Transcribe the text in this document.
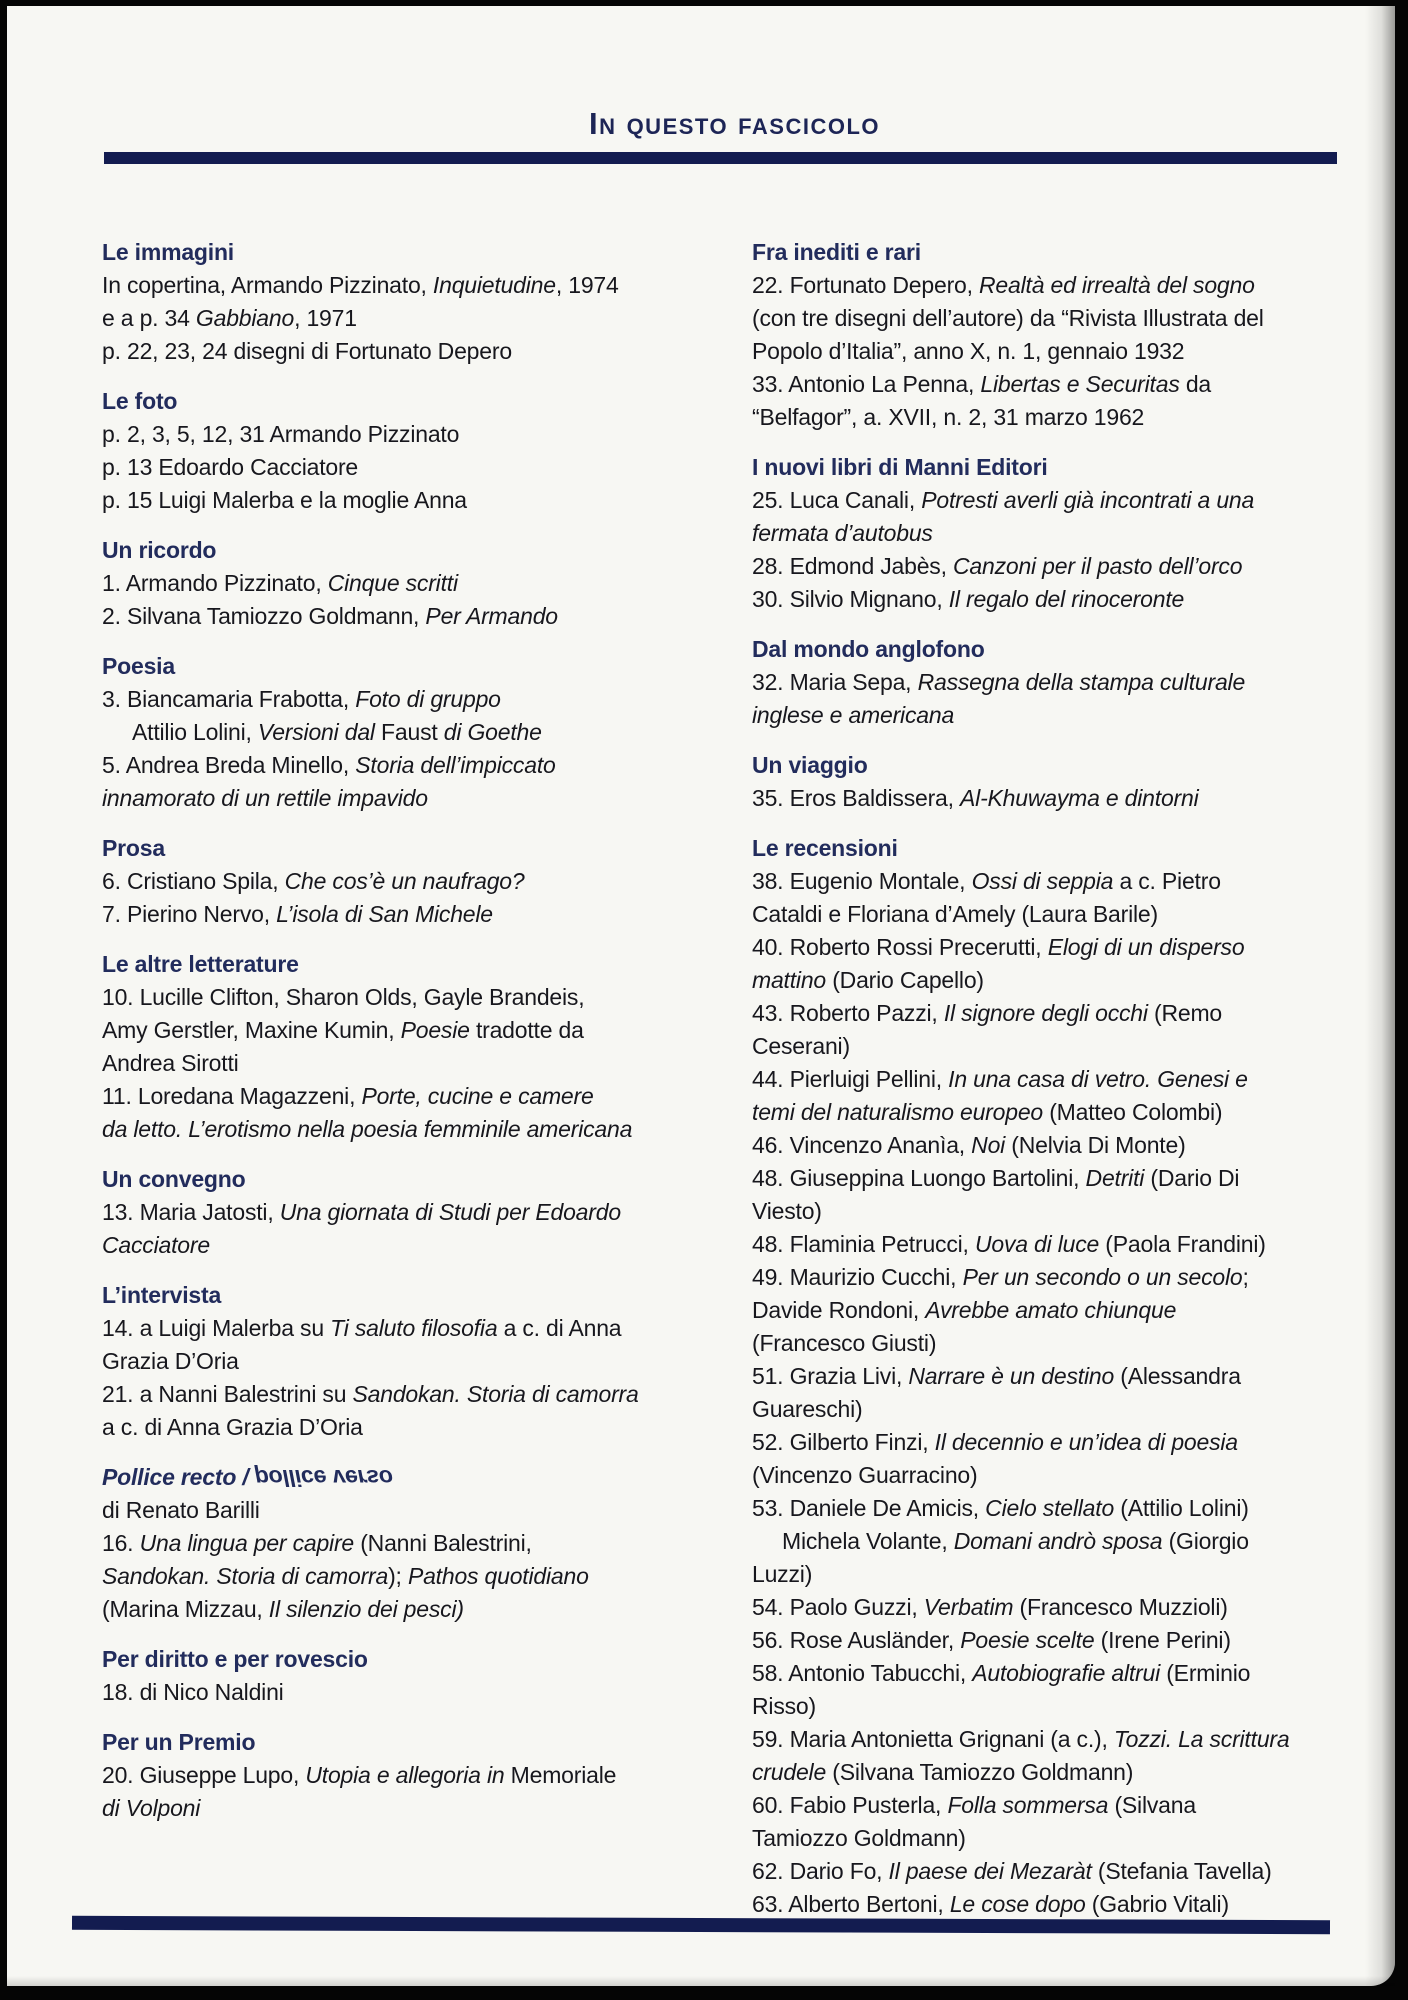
In questo fascicolo
Le immagini
In copertina, Armando Pizzinato, Inquietudine, 1974
e a p. 34 Gabbiano, 1971
p. 22, 23, 24 disegni di Fortunato Depero
Le foto
p. 2, 3, 5, 12, 31 Armando Pizzinato
p. 13 Edoardo Cacciatore
p. 15 Luigi Malerba e la moglie Anna
Un ricordo
1. Armando Pizzinato, Cinque scritti
2. Silvana Tamiozzo Goldmann, Per Armando
Poesia
3. Biancamaria Frabotta, Foto di gruppo
Attilio Lolini, Versioni dal Faust di Goethe
5. Andrea Breda Minello, Storia dell’impiccato
innamorato di un rettile impavido
Prosa
6. Cristiano Spila, Che cos’è un naufrago?
7. Pierino Nervo, L’isola di San Michele
Le altre letterature
10. Lucille Clifton, Sharon Olds, Gayle Brandeis,
Amy Gerstler, Maxine Kumin, Poesie tradotte da
Andrea Sirotti
11. Loredana Magazzeni, Porte, cucine e camere
da letto. L’erotismo nella poesia femminile americana
Un convegno
13. Maria Jatosti, Una giornata di Studi per Edoardo
Cacciatore
L’intervista
14. a Luigi Malerba su Ti saluto filosofia a c. di Anna
Grazia D’Oria
21. a Nanni Balestrini su Sandokan. Storia di camorra
a c. di Anna Grazia D’Oria
Pollice recto / pollice verso
di Renato Barilli
16. Una lingua per capire (Nanni Balestrini,
Sandokan. Storia di camorra); Pathos quotidiano
(Marina Mizzau, Il silenzio dei pesci)
Per diritto e per rovescio
18. di Nico Naldini
Per un Premio
20. Giuseppe Lupo, Utopia e allegoria in Memoriale
di Volponi
Fra inediti e rari
22. Fortunato Depero, Realtà ed irrealtà del sogno
(con tre disegni dell’autore) da “Rivista Illustrata del
Popolo d’Italia”, anno X, n. 1, gennaio 1932
33. Antonio La Penna, Libertas e Securitas da
“Belfagor”, a. XVII, n. 2, 31 marzo 1962
I nuovi libri di Manni Editori
25. Luca Canali, Potresti averli già incontrati a una
fermata d’autobus
28. Edmond Jabès, Canzoni per il pasto dell’orco
30. Silvio Mignano, Il regalo del rinoceronte
Dal mondo anglofono
32. Maria Sepa, Rassegna della stampa culturale
inglese e americana
Un viaggio
35. Eros Baldissera, Al-Khuwayma e dintorni
Le recensioni
38. Eugenio Montale, Ossi di seppia a c. Pietro
Cataldi e Floriana d’Amely (Laura Barile)
40. Roberto Rossi Precerutti, Elogi di un disperso
mattino (Dario Capello)
43. Roberto Pazzi, Il signore degli occhi (Remo
Ceserani)
44. Pierluigi Pellini, In una casa di vetro. Genesi e
temi del naturalismo europeo (Matteo Colombi)
46. Vincenzo Ananìa, Noi (Nelvia Di Monte)
48. Giuseppina Luongo Bartolini, Detriti (Dario Di
Viesto)
48. Flaminia Petrucci, Uova di luce (Paola Frandini)
49. Maurizio Cucchi, Per un secondo o un secolo;
Davide Rondoni, Avrebbe amato chiunque
(Francesco Giusti)
51. Grazia Livi, Narrare è un destino (Alessandra
Guareschi)
52. Gilberto Finzi, Il decennio e un’idea di poesia
(Vincenzo Guarracino)
53. Daniele De Amicis, Cielo stellato (Attilio Lolini)
Michela Volante, Domani andrò sposa (Giorgio
Luzzi)
54. Paolo Guzzi, Verbatim (Francesco Muzzioli)
56. Rose Ausländer, Poesie scelte (Irene Perini)
58. Antonio Tabucchi, Autobiografie altrui (Erminio
Risso)
59. Maria Antonietta Grignani (a c.), Tozzi. La scrittura
crudele (Silvana Tamiozzo Goldmann)
60. Fabio Pusterla, Folla sommersa (Silvana
Tamiozzo Goldmann)
62. Dario Fo, Il paese dei Mezaràt (Stefania Tavella)
63. Alberto Bertoni, Le cose dopo (Gabrio Vitali)
